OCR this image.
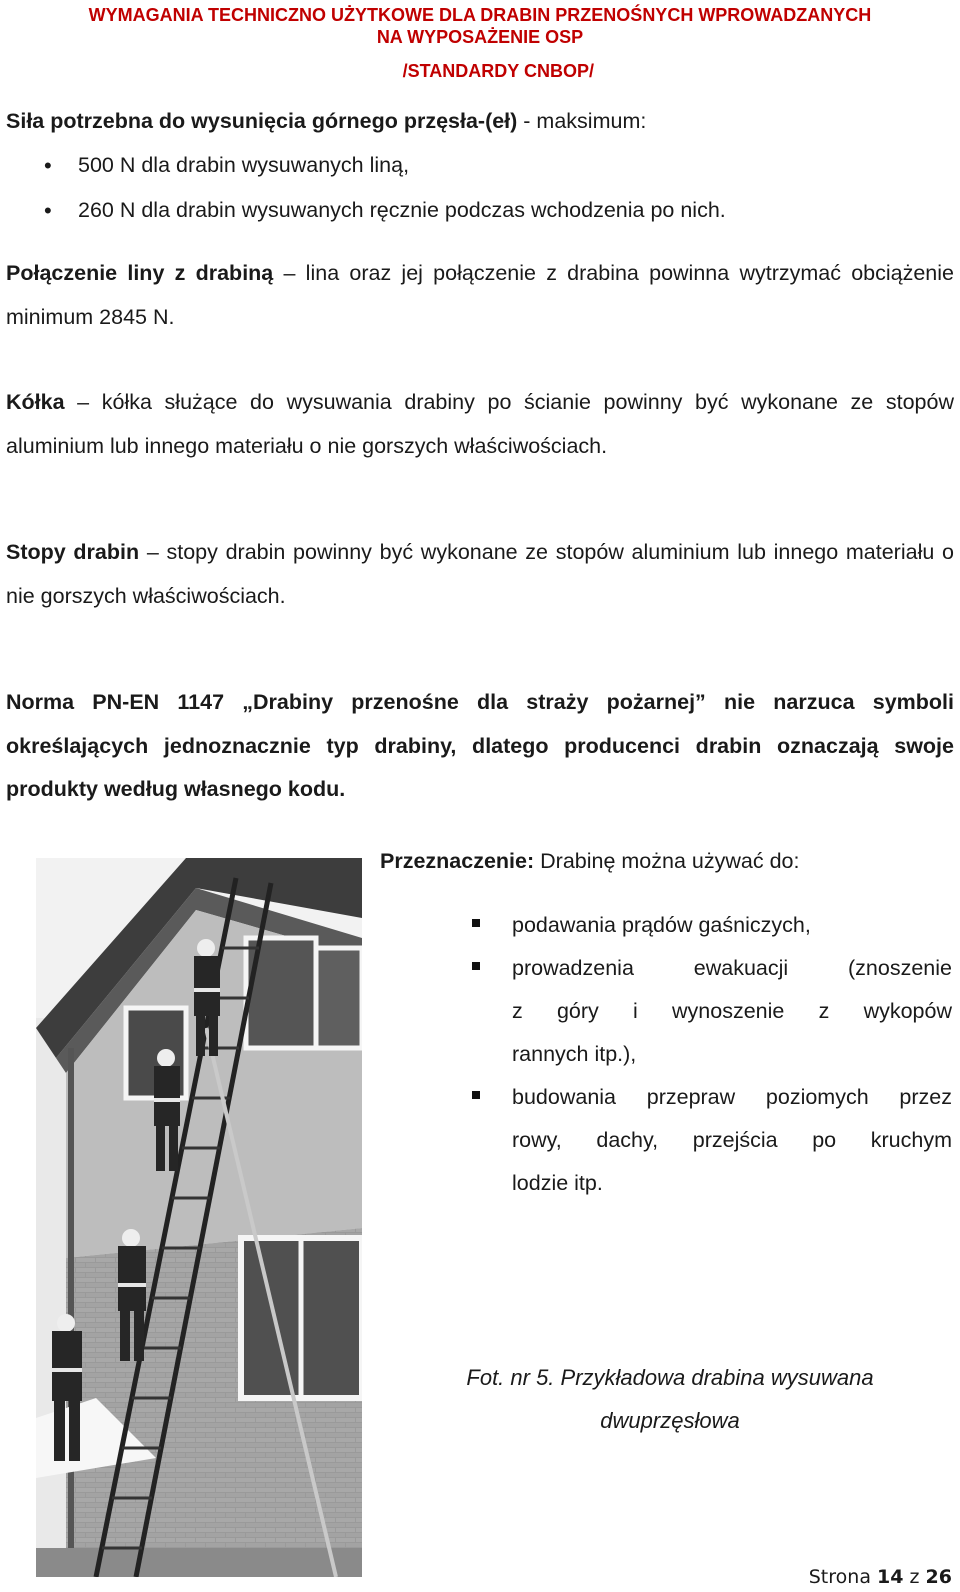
WYMAGANIA TECHNICZNO UŻYTKOWE DLA DRABIN PRZENOŚNYCH WPROWADZANYCH
NA WYPOSAŻENIE OSP
/STANDARDY CNBOP/
Siła potrzebna do wysunięcia górnego przęsła-(eł) - maksimum:
• 500 N dla drabin wysuwanych liną,
• 260 N dla drabin wysuwanych ręcznie podczas wchodzenia po nich.
Połączenie liny z drabiną – lina oraz jej połączenie z drabina powinna wytrzymać obciążenie minimum 2845 N.
Kółka – kółka służące do wysuwania drabiny po ścianie powinny być wykonane ze stopów aluminium lub innego materiału o nie gorszych właściwościach.
Stopy drabin – stopy drabin powinny być wykonane ze stopów aluminium lub innego materiału o nie gorszych właściwościach.
Norma PN-EN 1147 „Drabiny przenośne dla straży pożarnej” nie narzuca symboli określających jednoznacznie typ drabiny, dlatego producenci drabin oznaczają swoje produkty według własnego kodu.
Przeznaczenie: Drabinę można używać do:
podawania prądów gaśniczych,
prowadzenia ewakuacji (znoszenie
z góry i wynoszenie z wykopów
rannych itp.),
budowania przepraw poziomych przez
rowy, dachy, przejścia po kruchym
lodzie itp.
Fot. nr 5. Przykładowa drabina wysuwana
dwuprzęsłowa
Strona 14 z 26
